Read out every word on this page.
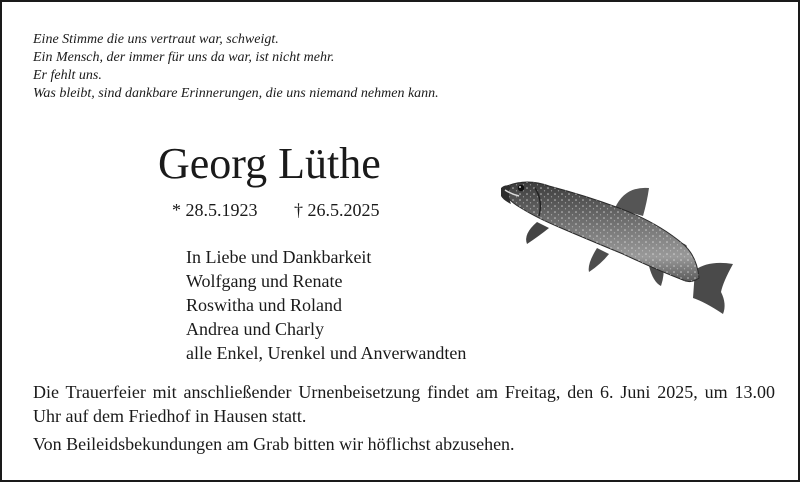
Eine Stimme die uns vertraut war, schweigt.
Ein Mensch, der immer für uns da war, ist nicht mehr.
Er fehlt uns.
Was bleibt, sind dankbare Erinnerungen, die uns niemand nehmen kann.
Georg Lüthe
* 28.5.1923 † 26.5.2025
In Liebe und Dankbarkeit
Wolfgang und Renate
Roswitha und Roland
Andrea und Charly
alle Enkel, Urenkel und Anverwandten
Die Trauerfeier mit anschließender Urnenbeisetzung findet am Freitag, den 6. Juni 2025, um 13.00 Uhr auf dem Friedhof in Hausen statt.
Von Beileidsbekundungen am Grab bitten wir höflichst abzusehen.
